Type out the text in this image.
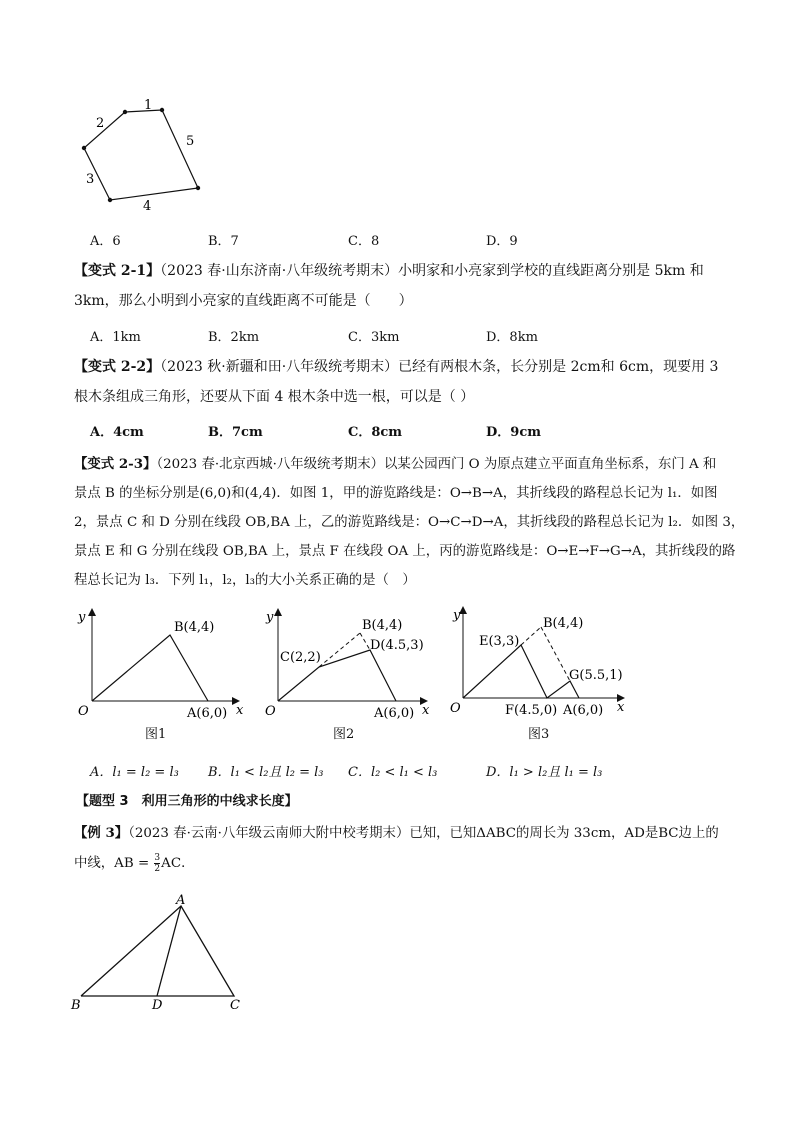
1
5
4
3
2
A．6	B．7	C．8	D．9

【变式 2-1】（2023 春·山东济南·八年级统考期末）小明家和小亮家到学校的直线距离分别是 5km 和 3km，那么小明到小亮家的直线距离不可能是（　　）

A．1km	B．2km	C．3km	D．8km

【变式 2-2】（2023 秋·新疆和田·八年级统考期末）已经有两根木条，长分别是 2cm和 6cm，现要用 3 根木条组成三角形，还要从下面 4 根木条中选一根，可以是（ ）

A．4cm	B．7cm	C．8cm	D．9cm
【变式 2-3】（2023 春·北京西城·八年级统考期末）以某公园西门 O 为原点建立平面直角坐标系，东门 A 和
景点 B 的坐标分别是(6,0)和(4,4)．如图 1，甲的游览路线是：O→B→A，其折线段的路程总长记为 l₁．如图
2，景点 C 和 D 分别在线段 OB,BA 上，乙的游览路线是：O→C→D→A，其折线段的路程总长记为 l₂．如图 3，
景点 E 和 G 分别在线段 OB,BA 上，景点 F 在线段 OA 上，丙的游览路线是：O→E→F→G→A，其折线段的路
程总长记为 l₃．下列 l₁，l₂，l₃的大小关系正确的是（　）
y
x
O
B(4,4)
A(6,0)
图1
y
x
O
B(4,4)
C(2,2)
D(4.5,3)
A(6,0)
图2
y
x
O
B(4,4)
E(3,3)
G(5.5,1)
F(4.5,0) A(6,0)
图3
A．l₁ = l₂ = l₃ B．l₁ < l₂且 l₂ = l₃ C．l₂ < l₁ < l₃	D．l₁ > l₂且 l₁ = l₃
【题型 3　利用三角形的中线求长度】
【例 3】（2023 春·云南·八年级云南师大附中校考期末）已知，已知ΔABC的周长为 33cm，AD是BC边上的
中线，AB = $\frac{3}{2}$ AC．
A
B	D	C
